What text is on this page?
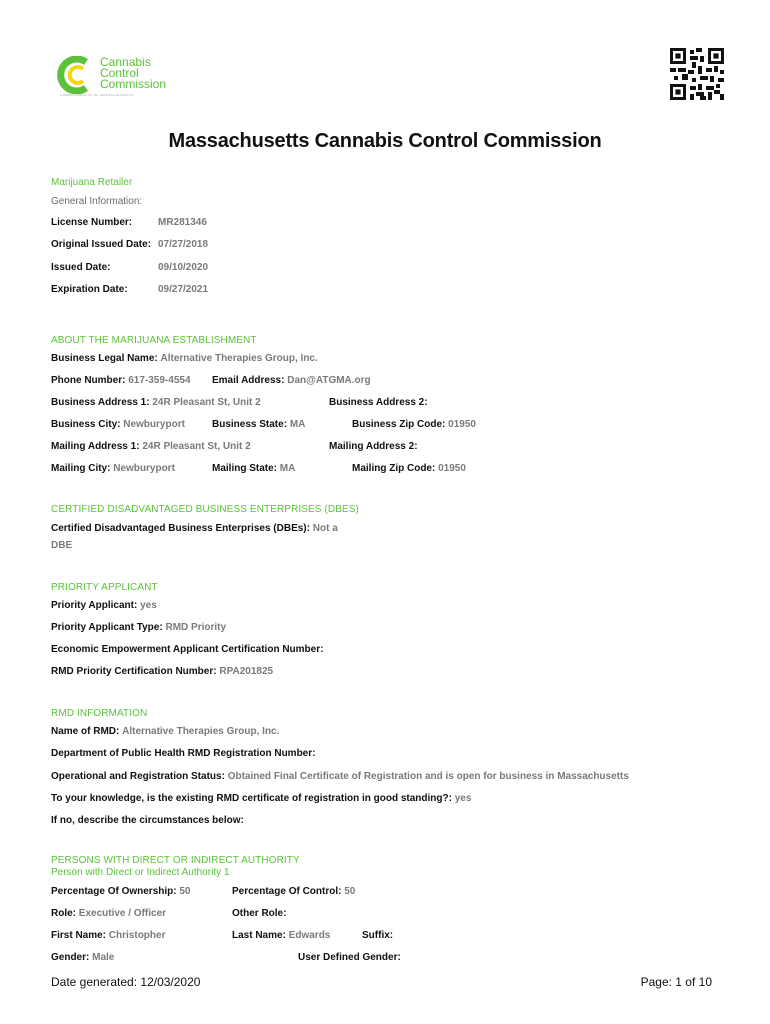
Cannabis
Control
Commission
COMMONWEALTH OF MASSACHUSETTS
Massachusetts Cannabis Control Commission
Marijuana Retailer
General Information:
License Number:	MR281346
Original Issued Date: 07/27/2018
Issued Date:	09/10/2020
Expiration Date:	09/27/2021
ABOUT THE MARIJUANA ESTABLISHMENT
Business Legal Name: Alternative Therapies Group, Inc.
Phone Number: 617-359-4554 Email Address: Dan@ATGMA.org
Business Address 1: 24R Pleasant St, Unit 2	Business Address 2:
Business City: Newburyport	Business State: MA	Business Zip Code: 01950
Mailing Address 1: 24R Pleasant St, Unit 2	Mailing Address 2:
Mailing City: Newburyport	Mailing State: MA	Mailing Zip Code: 01950
CERTIFIED DISADVANTAGED BUSINESS ENTERPRISES (DBES)
Certified Disadvantaged Business Enterprises (DBEs): Not a
DBE
PRIORITY APPLICANT
Priority Applicant: yes
Priority Applicant Type: RMD Priority
Economic Empowerment Applicant Certification Number:
RMD Priority Certification Number: RPA201825
RMD INFORMATION
Name of RMD: Alternative Therapies Group, Inc.
Department of Public Health RMD Registration Number:
Operational and Registration Status: Obtained Final Certificate of Registration and is open for business in Massachusetts
To your knowledge, is the existing RMD certificate of registration in good standing?: yes
If no, describe the circumstances below:
PERSONS WITH DIRECT OR INDIRECT AUTHORITY
Person with Direct or Indirect Authority 1
Percentage Of Ownership: 50	Percentage Of Control: 50
Role: Executive / Officer	Other Role:
First Name: Christopher	Last Name: Edwards	Suffix:
Gender: Male	User Defined Gender:
Date generated: 12/03/2020	Page: 1 of 10
